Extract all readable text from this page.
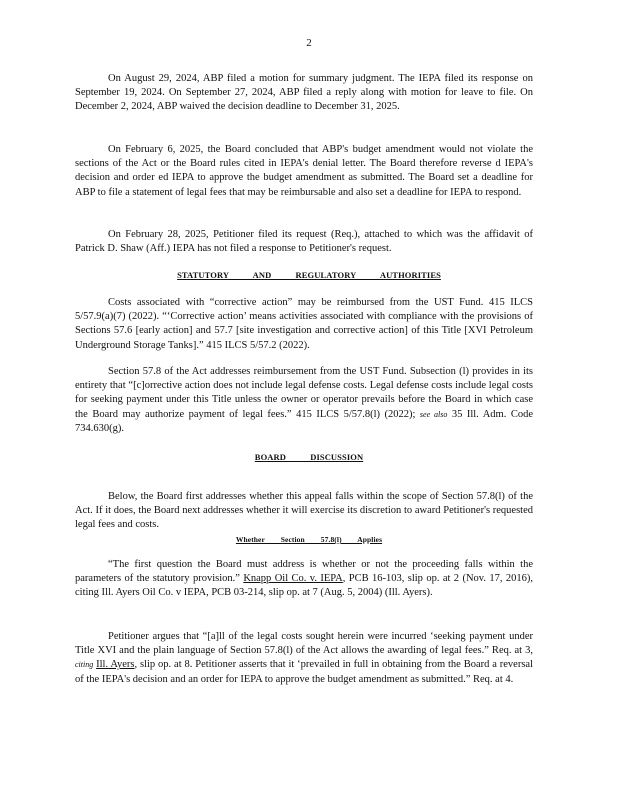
2

On August 29, 2024, ABP filed a motion for summary judgment. The IEPA filed its response on September 19, 2024. On September 27, 2024, ABP filed a reply along with motion for leave to file. On December 2, 2024, ABP waived the decision deadline to December 31, 2025.

On February 6, 2025, the Board concluded that ABP's budget amendment would not violate the sections of the Act or the Board rules cited in IEPA's denial letter. The Board therefore reverse d IEPA's decision and order ed IEPA to approve the budget amendment as submitted. The Board set a deadline for ABP to file a statement of legal fees that may be reimbursable and also set a deadline for IEPA to respond.

On February 28, 2025, Petitioner filed its request (Req.), attached to which was the affidavit of Patrick D. Shaw (Aff.) IEPA has not filed a response to Petitioner's request.

STATUTORY AND REGULATORY AUTHORITIES

Costs associated with “corrective action” may be reimbursed from the UST Fund. 415 ILCS 5/57.9(a)(7) (2022). “‘Corrective action’ means activities associated with compliance with the provisions of Sections 57.6 [early action] and 57.7 [site investigation and corrective action] of this Title [XVI Petroleum Underground Storage Tanks].” 415 ILCS 5/57.2 (2022).

Section 57.8 of the Act addresses reimbursement from the UST Fund. Subsection (l) provides in its entirety that “[c]orrective action does not include legal defense costs. Legal defense costs include legal costs for seeking payment under this Title unless the owner or operator prevails before the Board in which case the Board may authorize payment of legal fees.” 415 ILCS 5/57.8(l) (2022); see also 35 Ill. Adm. Code 734.630(g).

BOARD DISCUSSION

Below, the Board first addresses whether this appeal falls within the scope of Section 57.8(l) of the Act. If it does, the Board next addresses whether it will exercise its discretion to award Petitioner's requested legal fees and costs.

Whether Section 57.8(l) Applies

“The first question the Board must address is whether or not the proceeding falls within the parameters of the statutory provision.” Knapp Oil Co. v. IEPA, PCB 16-103, slip op. at 2 (Nov. 17, 2016), citing Ill. Ayers Oil Co. v IEPA, PCB 03-214, slip op. at 7 (Aug. 5, 2004) (Ill. Ayers).

Petitioner argues that “[a]ll of the legal costs sought herein were incurred ‘seeking payment under Title XVI and the plain language of Section 57.8(l) of the Act allows the awarding of legal fees.” Req. at 3, citing Ill. Ayers, slip op. at 8. Petitioner asserts that it ‘prevailed in full in obtaining from the Board a reversal of the IEPA's decision and an order for IEPA to approve the budget amendment as submitted.” Req. at 4.
